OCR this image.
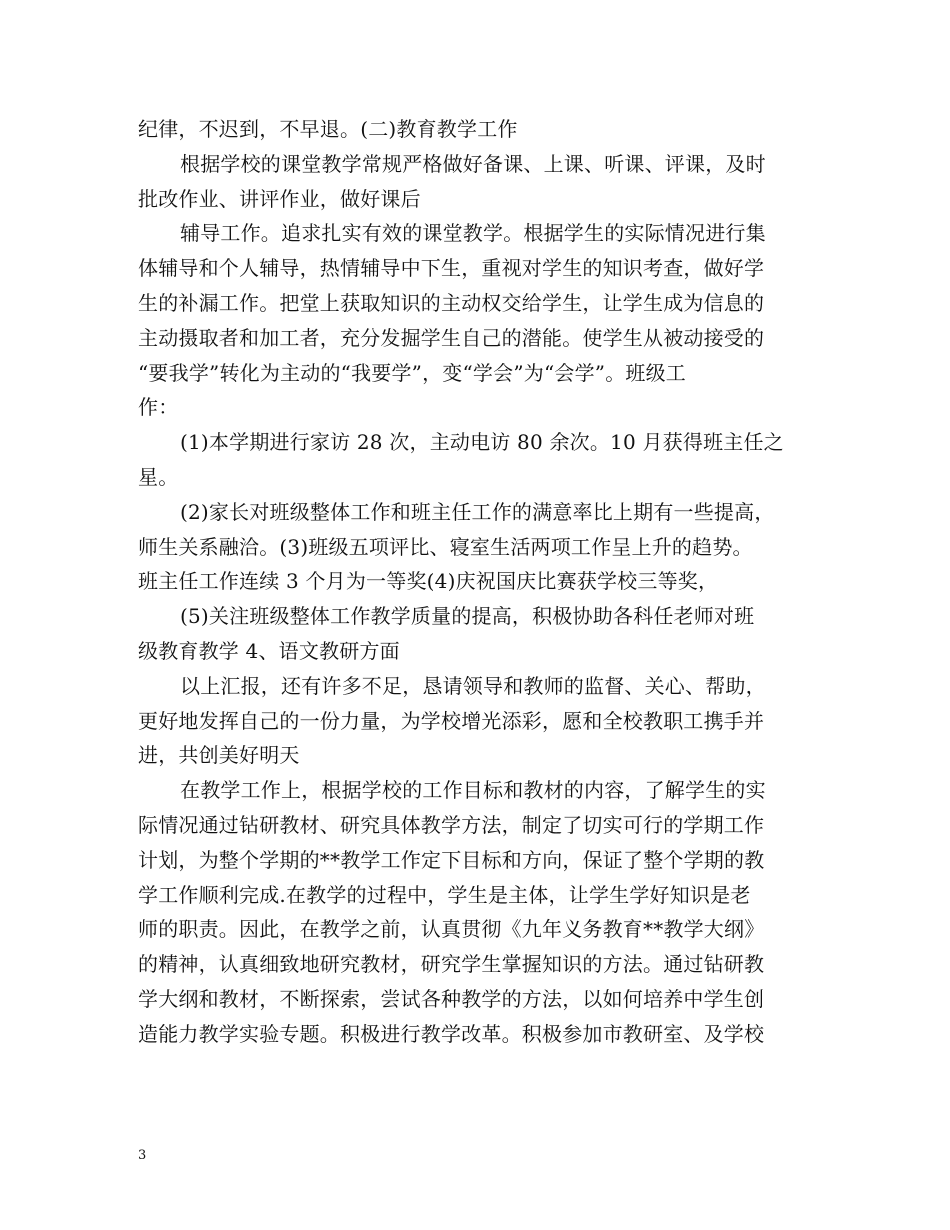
纪律，不迟到，不早退。(二)教育教学工作
根据学校的课堂教学常规严格做好备课、上课、听课、评课，及时
批改作业、讲评作业，做好课后
辅导工作。追求扎实有效的课堂教学。根据学生的实际情况进行集
体辅导和个人辅导，热情辅导中下生，重视对学生的知识考查，做好学
生的补漏工作。把堂上获取知识的主动权交给学生，让学生成为信息的
主动摄取者和加工者，充分发掘学生自己的潜能。使学生从被动接受的
“要我学”转化为主动的“我要学”，变“学会”为“会学”。班级工
作：
(1)本学期进行家访 28 次，主动电访 80 余次。10 月获得班主任之
星。
(2)家长对班级整体工作和班主任工作的满意率比上期有一些提高，
师生关系融洽。(3)班级五项评比、寝室生活两项工作呈上升的趋势。
班主任工作连续 3 个月为一等奖(4)庆祝国庆比赛获学校三等奖，
(5)关注班级整体工作教学质量的提高，积极协助各科任老师对班
级教育教学 4、语文教研方面
以上汇报，还有许多不足，恳请领导和教师的监督、关心、帮助，
更好地发挥自己的一份力量，为学校增光添彩，愿和全校教职工携手并
进，共创美好明天
在教学工作上，根据学校的工作目标和教材的内容，了解学生的实
际情况通过钻研教材、研究具体教学方法，制定了切实可行的学期工作
计划，为整个学期的**教学工作定下目标和方向，保证了整个学期的教
学工作顺利完成.在教学的过程中，学生是主体，让学生学好知识是老
师的职责。因此，在教学之前，认真贯彻《九年义务教育**教学大纲》
的精神，认真细致地研究教材，研究学生掌握知识的方法。通过钻研教
学大纲和教材，不断探索，尝试各种教学的方法，以如何培养中学生创
造能力教学实验专题。积极进行教学改革。积极参加市教研室、及学校
3
